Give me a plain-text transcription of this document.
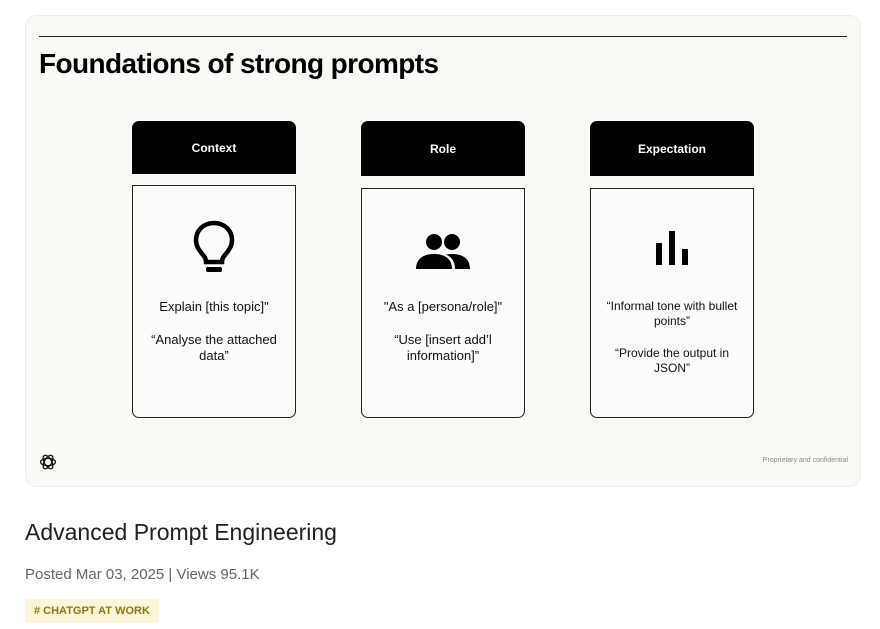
Foundations of strong prompts
Context

Explain [this topic]"

“Analyse the attached data”

Role

"As a [persona/role]"

“Use [insert add’l information]”

Expectation

“Informal tone with bullet points”

“Provide the output in JSON”

Proprietary and confidential
Advanced Prompt Engineering
Posted Mar 03, 2025 | Views 95.1K
# CHATGPT AT WORK
